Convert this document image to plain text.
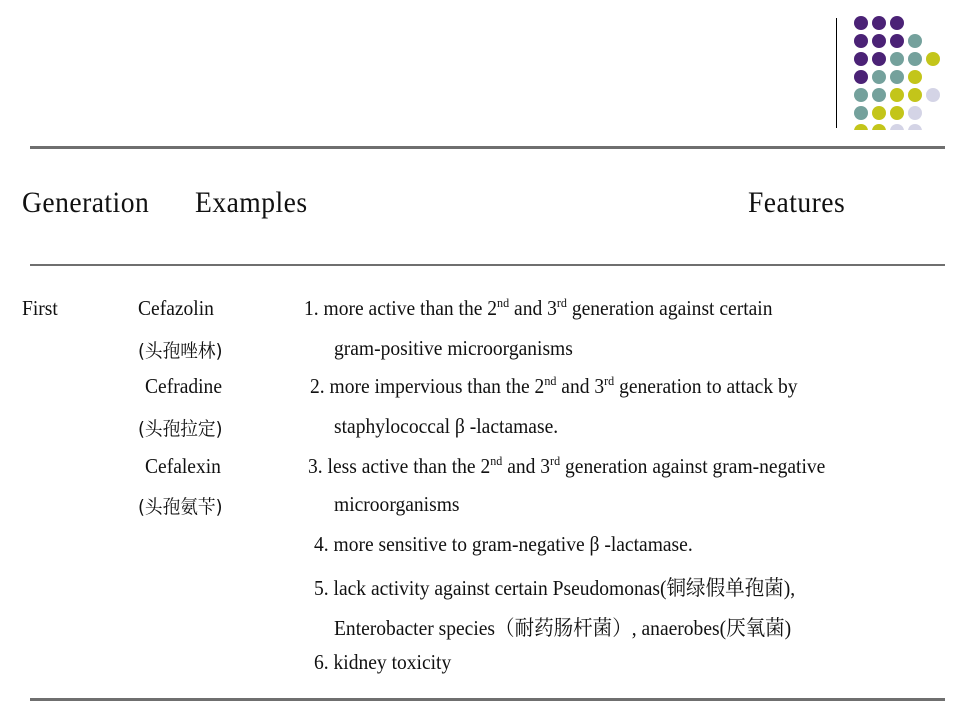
Generation Examples	Features
First	Cefazolin
(头孢唑林)
Cefradine
(头孢拉定)
Cefalexin
(头孢氨苄)
1. more active than the 2nd and 3rd generation against certain
gram-positive microorganisms
2. more impervious than the 2nd and 3rd generation to attack by
staphylococcal β -lactamase.
3. less active than the 2nd and 3rd generation against gram-negative
microorganisms
4. more sensitive to gram-negative β -lactamase.
5. lack activity against certain Pseudomonas(铜绿假单孢菌),
Enterobacter species（耐药肠杆菌）, anaerobes(厌氧菌)
6. kidney toxicity
